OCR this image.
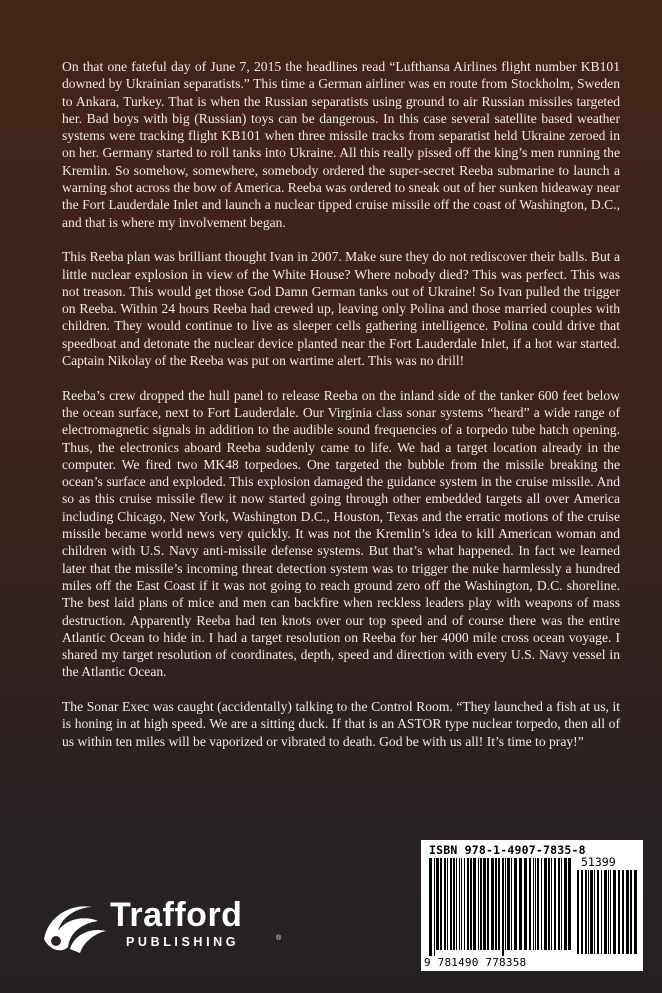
On that one fateful day of June 7, 2015 the headlines read “Lufthansa Airlines flight number KB101 downed by Ukrainian separatists.” This time a German airliner was en route from Stockholm, Sweden to Ankara, Turkey. That is when the Russian separatists using ground to air Russian missiles targeted her. Bad boys with big (Russian) toys can be dangerous. In this case several satellite based weather systems were tracking flight KB101 when three missile tracks from separatist held Ukraine zeroed in on her. Germany started to roll tanks into Ukraine. All this really pissed off the king’s men running the Kremlin. So somehow, somewhere, somebody ordered the super-secret Reeba submarine to launch a warning shot across the bow of America. Reeba was ordered to sneak out of her sunken hideaway near the Fort Lauderdale Inlet and launch a nuclear tipped cruise missile off the coast of Washington, D.C., and that is where my involvement began.

This Reeba plan was brilliant thought Ivan in 2007. Make sure they do not rediscover their balls. But a little nuclear explosion in view of the White House? Where nobody died? This was perfect. This was not treason. This would get those God Damn German tanks out of Ukraine! So Ivan pulled the trigger on Reeba. Within 24 hours Reeba had crewed up, leaving only Polina and those married couples with children. They would continue to live as sleeper cells gathering intelligence. Polina could drive that speedboat and detonate the nuclear device planted near the Fort Lauderdale Inlet, if a hot war started. Captain Nikolay of the Reeba was put on wartime alert. This was no drill!

Reeba’s crew dropped the hull panel to release Reeba on the inland side of the tanker 600 feet below the ocean surface, next to Fort Lauderdale. Our Virginia class sonar systems “heard” a wide range of electromagnetic signals in addition to the audible sound frequencies of a torpedo tube hatch opening. Thus, the electronics aboard Reeba suddenly came to life. We had a target location already in the computer. We fired two MK48 torpedoes. One targeted the bubble from the missile breaking the ocean’s surface and exploded. This explosion damaged the guidance system in the cruise missile. And so as this cruise missile flew it now started going through other embedded targets all over America including Chicago, New York, Washington D.C., Houston, Texas and the erratic motions of the cruise missile became world news very quickly. It was not the Kremlin’s idea to kill American woman and children with U.S. Navy anti-missile defense systems. But that’s what happened. In fact we learned later that the missile’s incoming threat detection system was to trigger the nuke harmlessly a hundred miles off the East Coast if it was not going to reach ground zero off the Washington, D.C. shoreline. The best laid plans of mice and men can backfire when reckless leaders play with weapons of mass destruction. Apparently Reeba had ten knots over our top speed and of course there was the entire Atlantic Ocean to hide in. I had a target resolution on Reeba for her 4000 mile cross ocean voyage. I shared my target resolution of coordinates, depth, speed and direction with every U.S. Navy vessel in the Atlantic Ocean.

The Sonar Exec was caught (accidentally) talking to the Control Room. “They launched a fish at us, it is honing in at high speed. We are a sitting duck. If that is an ASTOR type nuclear torpedo, then all of us within ten miles will be vaporized or vibrated to death. God be with us all! It’s time to pray!”

Trafford
PUBLISHING	®
ISBN 978-1-4907-7835-8
51399
9 781490 778358
